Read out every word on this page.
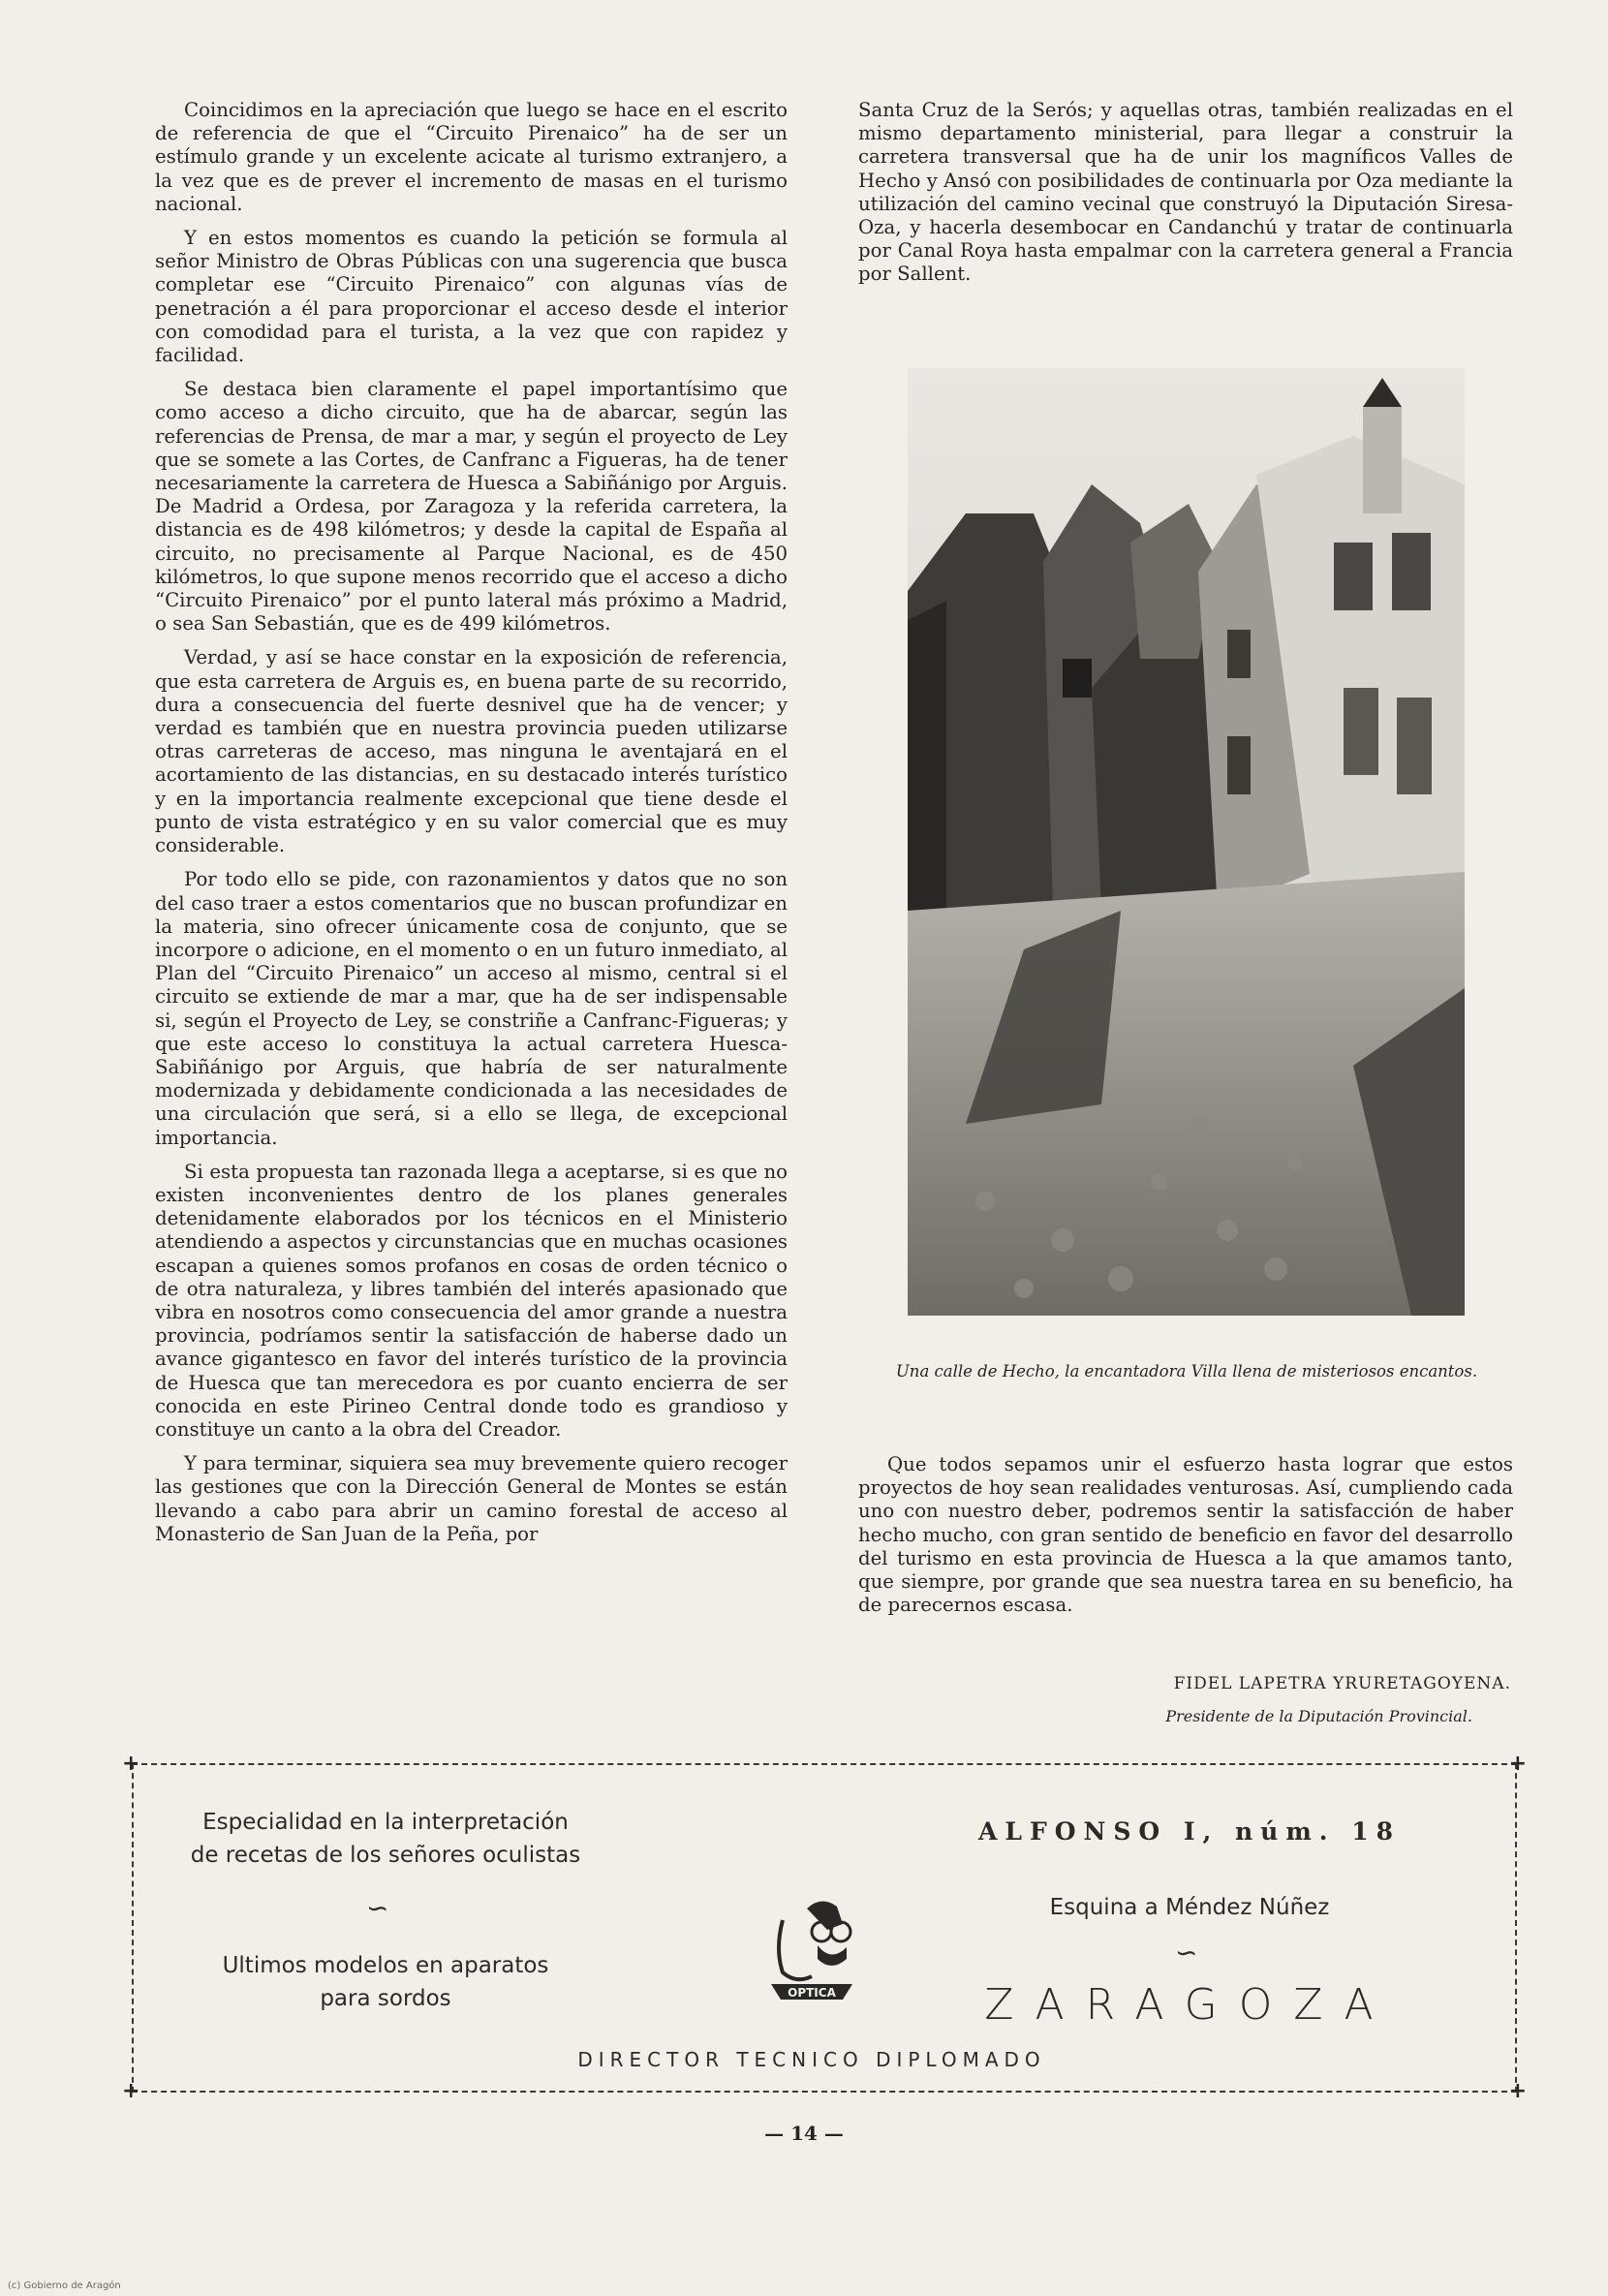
Coincidimos en la apreciación que luego se hace en el escrito de referencia de que el “Circuito Pirenaico” ha de ser un estímulo grande y un excelente acicate al turismo extranjero, a la vez que es de prever el incremento de masas en el turismo nacional.

Y en estos momentos es cuando la petición se formula al señor Ministro de Obras Públicas con una sugerencia que busca completar ese “Circuito Pirenaico” con algunas vías de penetración a él para proporcionar el acceso desde el interior con comodidad para el turista, a la vez que con rapidez y facilidad.

Se destaca bien claramente el papel importantísimo que como acceso a dicho circuito, que ha de abarcar, según las referencias de Prensa, de mar a mar, y según el proyecto de Ley que se somete a las Cortes, de Canfranc a Figueras, ha de tener necesariamente la carretera de Huesca a Sabiñánigo por Arguis. De Madrid a Ordesa, por Zaragoza y la referida carretera, la distancia es de 498 kilómetros; y desde la capital de España al circuito, no precisamente al Parque Nacional, es de 450 kilómetros, lo que supone menos recorrido que el acceso a dicho “Circuito Pirenaico” por el punto lateral más próximo a Madrid, o sea San Sebastián, que es de 499 kilómetros.

Verdad, y así se hace constar en la exposición de referencia, que esta carretera de Arguis es, en buena parte de su recorrido, dura a consecuencia del fuerte desnivel que ha de vencer; y verdad es también que en nuestra provincia pueden utilizarse otras carreteras de acceso, mas ninguna le aventajará en el acortamiento de las distancias, en su destacado interés turístico y en la importancia realmente excepcional que tiene desde el punto de vista estratégico y en su valor comercial que es muy considerable.

Por todo ello se pide, con razonamientos y datos que no son del caso traer a estos comentarios que no buscan profundizar en la materia, sino ofrecer únicamente cosa de conjunto, que se incorpore o adicione, en el momento o en un futuro inmediato, al Plan del “Circuito Pirenaico” un acceso al mismo, central si el circuito se extiende de mar a mar, que ha de ser indispensable si, según el Proyecto de Ley, se constriñe a Canfranc-Figueras; y que este acceso lo constituya la actual carretera Huesca-Sabiñánigo por Arguis, que habría de ser naturalmente modernizada y debidamente condicionada a las necesidades de una circulación que será, si a ello se llega, de excepcional importancia.

Si esta propuesta tan razonada llega a aceptarse, si es que no existen inconvenientes dentro de los planes generales detenidamente elaborados por los técnicos en el Ministerio atendiendo a aspectos y circunstancias que en muchas ocasiones escapan a quienes somos profanos en cosas de orden técnico o de otra naturaleza, y libres también del interés apasionado que vibra en nosotros como consecuencia del amor grande a nuestra provincia, podríamos sentir la satisfacción de haberse dado un avance gigantesco en favor del interés turístico de la provincia de Huesca que tan merecedora es por cuanto encierra de ser conocida en este Pirineo Central donde todo es grandioso y constituye un canto a la obra del Creador.

Y para terminar, siquiera sea muy brevemente quiero recoger las gestiones que con la Dirección General de Montes se están llevando a cabo para abrir un camino forestal de acceso al Monasterio de San Juan de la Peña, por

Santa Cruz de la Serós; y aquellas otras, también realizadas en el mismo departamento ministerial, para llegar a construir la carretera transversal que ha de unir los magníficos Valles de Hecho y Ansó con posibilidades de continuarla por Oza mediante la utilización del camino vecinal que construyó la Diputación Siresa-Oza, y hacerla desembocar en Candanchú y tratar de continuarla por Canal Roya hasta empalmar con la carretera general a Francia por Sallent.

Una calle de Hecho, la encantadora Villa llena de misteriosos encantos.

Que todos sepamos unir el esfuerzo hasta lograr que estos proyectos de hoy sean realidades venturosas. Así, cumpliendo cada uno con nuestro deber, podremos sentir la satisfacción de haber hecho mucho, con gran sentido de beneficio en favor del desarrollo del turismo en esta provincia de Huesca a la que amamos tanto, que siempre, por grande que sea nuestra tarea en su beneficio, ha de parecernos escasa.

FIDEL LAPETRA YRURETAGOYENA.
Presidente de la Diputación Provincial.
+	+
+	+
Especialidad en la interpretación
de recetas de los señores oculistas
∽
Ultimos modelos en aparatos
para sordos	OPTICA
ALFONSO I, núm. 18
Esquina a Méndez Núñez
∽
ZARAGOZA
DIRECTOR TECNICO DIPLOMADO
— 14 —
(c) Gobierno de Aragón
